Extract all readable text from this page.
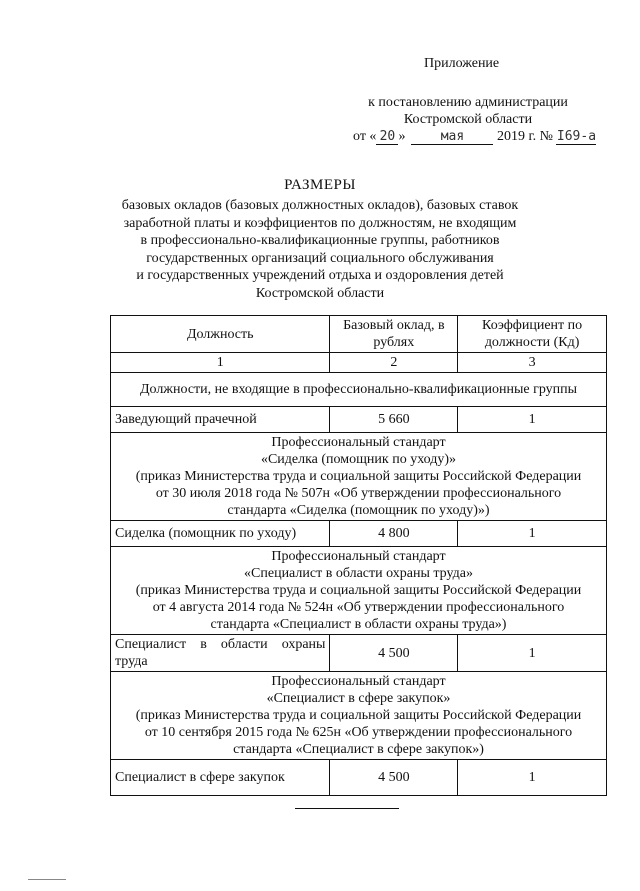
Приложение
к постановлению администрации
Костромской области
от « 20 »	мая 2019 г. № I69-а
РАЗМЕРЫ
базовых окладов (базовых должностных окладов), базовых ставок
заработной платы и коэффициентов по должностям, не входящим
в профессионально-квалификационные группы, работников
государственных организаций социального обслуживания
и государственных учреждений отдыха и оздоровления детей
Костромской области
Должность	Базовый оклад, в рублях	Коэффициент по должности (Кд)
1	2	3
Должности, не входящие в профессионально-квалификационные группы		
Заведующий прачечной	5 660	1

Профессиональный стандарт
«Сиделка (помощник по уходу)»
(приказ Министерства труда и социальной защиты Российской Федерации
от 30 июля 2018 года № 507н «Об утверждении профессионального
стандарта «Сиделка (помощник по уходу)»)		

Сиделка (помощник по уходу)	4 800	1

Профессиональный стандарт
«Специалист в области охраны труда»
(приказ Министерства труда и социальной защиты Российской Федерации
от 4 августа 2014 года № 524н «Об утверждении профессионального
стандарта «Специалист в области охраны труда»)		

Специалист в области охраны труда	4 500	1

Профессиональный стандарт
«Специалист в сфере закупок»
(приказ Министерства труда и социальной защиты Российской Федерации
от 10 сентября 2015 года № 625н «Об утверждении профессионального
стандарта «Специалист в сфере закупок»)		

Специалист в сфере закупок	4 500	1
